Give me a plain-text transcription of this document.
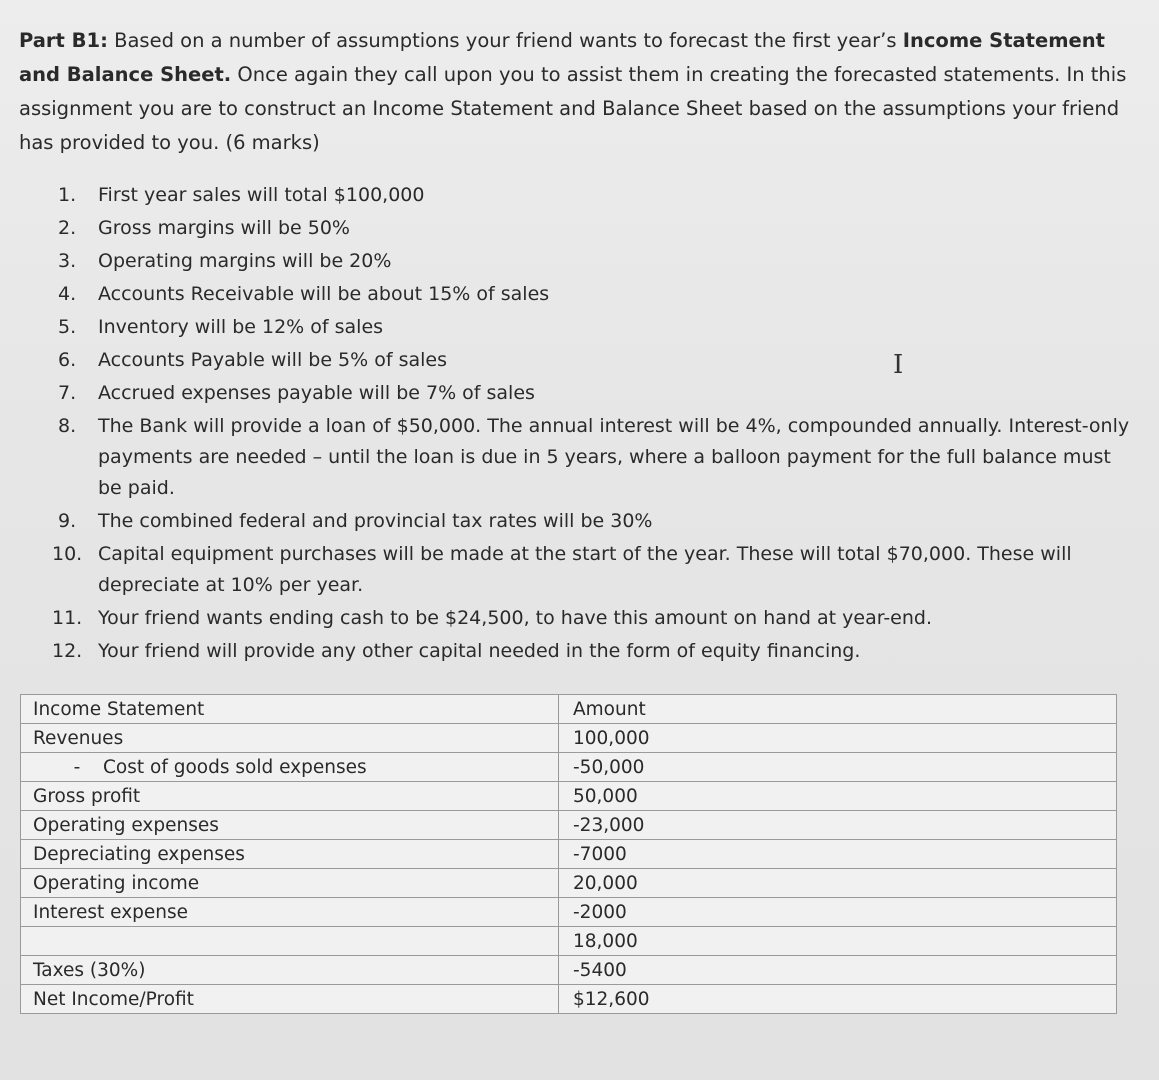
Part B1: Based on a number of assumptions your friend wants to forecast the first year’s Income Statement and Balance Sheet. Once again they call upon you to assist them in creating the forecasted statements. In this assignment you are to construct an Income Statement and Balance Sheet based on the assumptions your friend has provided to you. (6 marks)

1. First year sales will total $100,000
2. Gross margins will be 50%
3. Operating margins will be 20%
4. Accounts Receivable will be about 15% of sales
5. Inventory will be 12% of sales
6. Accounts Payable will be 5% of sales
7. Accrued expenses payable will be 7% of sales
8. The Bank will provide a loan of $50,000. The annual interest will be 4%, compounded annually. Interest-only payments are needed – until the loan is due in 5 years, where a balloon payment for the full balance must be paid.
9. The combined federal and provincial tax rates will be 30%
10. Capital equipment purchases will be made at the start of the year. These will total $70,000. These will depreciate at 10% per year.
11. Your friend wants ending cash to be $24,500, to have this amount on hand at year-end.
12. Your friend will provide any other capital needed in the form of equity financing.
I
Income Statement	Amount
Revenues	100,000
- Cost of goods sold expenses	-50,000
Gross profit	50,000
Operating expenses	-23,000
Depreciating expenses	-7000
Operating income	20,000
Interest expense	-2000
	18,000
Taxes (30%)	-5400
Net Income/Profit	$12,600
